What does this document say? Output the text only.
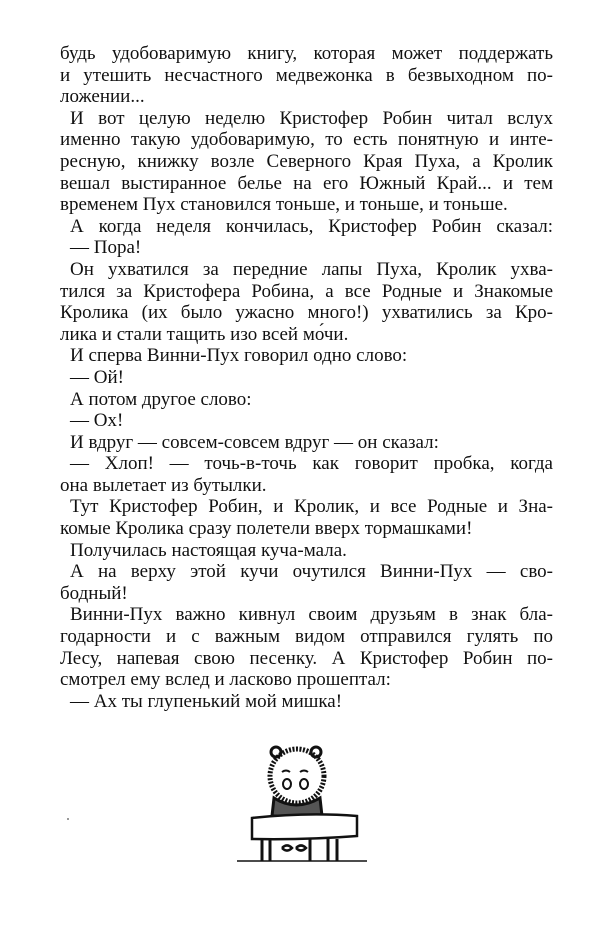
будь удобоваримую книгу, которая может поддержать
и утешить несчастного медвежонка в безвыходном по-
ложении...
И вот целую неделю Кристофер Робин читал вслух
именно такую удобоваримую, то есть понятную и инте-
ресную, книжку возле Северного Края Пуха, а Кролик
вешал выстиранное белье на его Южный Край... и тем
временем Пух становился тоньше, и тоньше, и тоньше.
А когда неделя кончилась, Кристофер Робин сказал:
— Пора!
Он ухватился за передние лапы Пуха, Кролик ухва-
тился за Кристофера Робина, а все Родные и Знакомые
Кролика (их было ужасно много!) ухватились за Кро-
лика и стали тащить изо всей мо́чи.
И сперва Винни-Пух говорил одно слово:
— Ой!
А потом другое слово:
— Ох!
И вдруг — совсем-совсем вдруг — он сказал:
— Хлоп! — точь-в-точь как говорит пробка, когда
она вылетает из бутылки.
Тут Кристофер Робин, и Кролик, и все Родные и Зна-
комые Кролика сразу полетели вверх тормашками!
Получилась настоящая куча-мала.
А на верху этой кучи очутился Винни-Пух — сво-
бодный!
Винни-Пух важно кивнул своим друзьям в знак бла-
годарности и с важным видом отправился гулять по
Лесу, напевая свою песенку. А Кристофер Робин по-
смотрел ему вслед и ласково прошептал:
— Ах ты глупенький мой мишка!
